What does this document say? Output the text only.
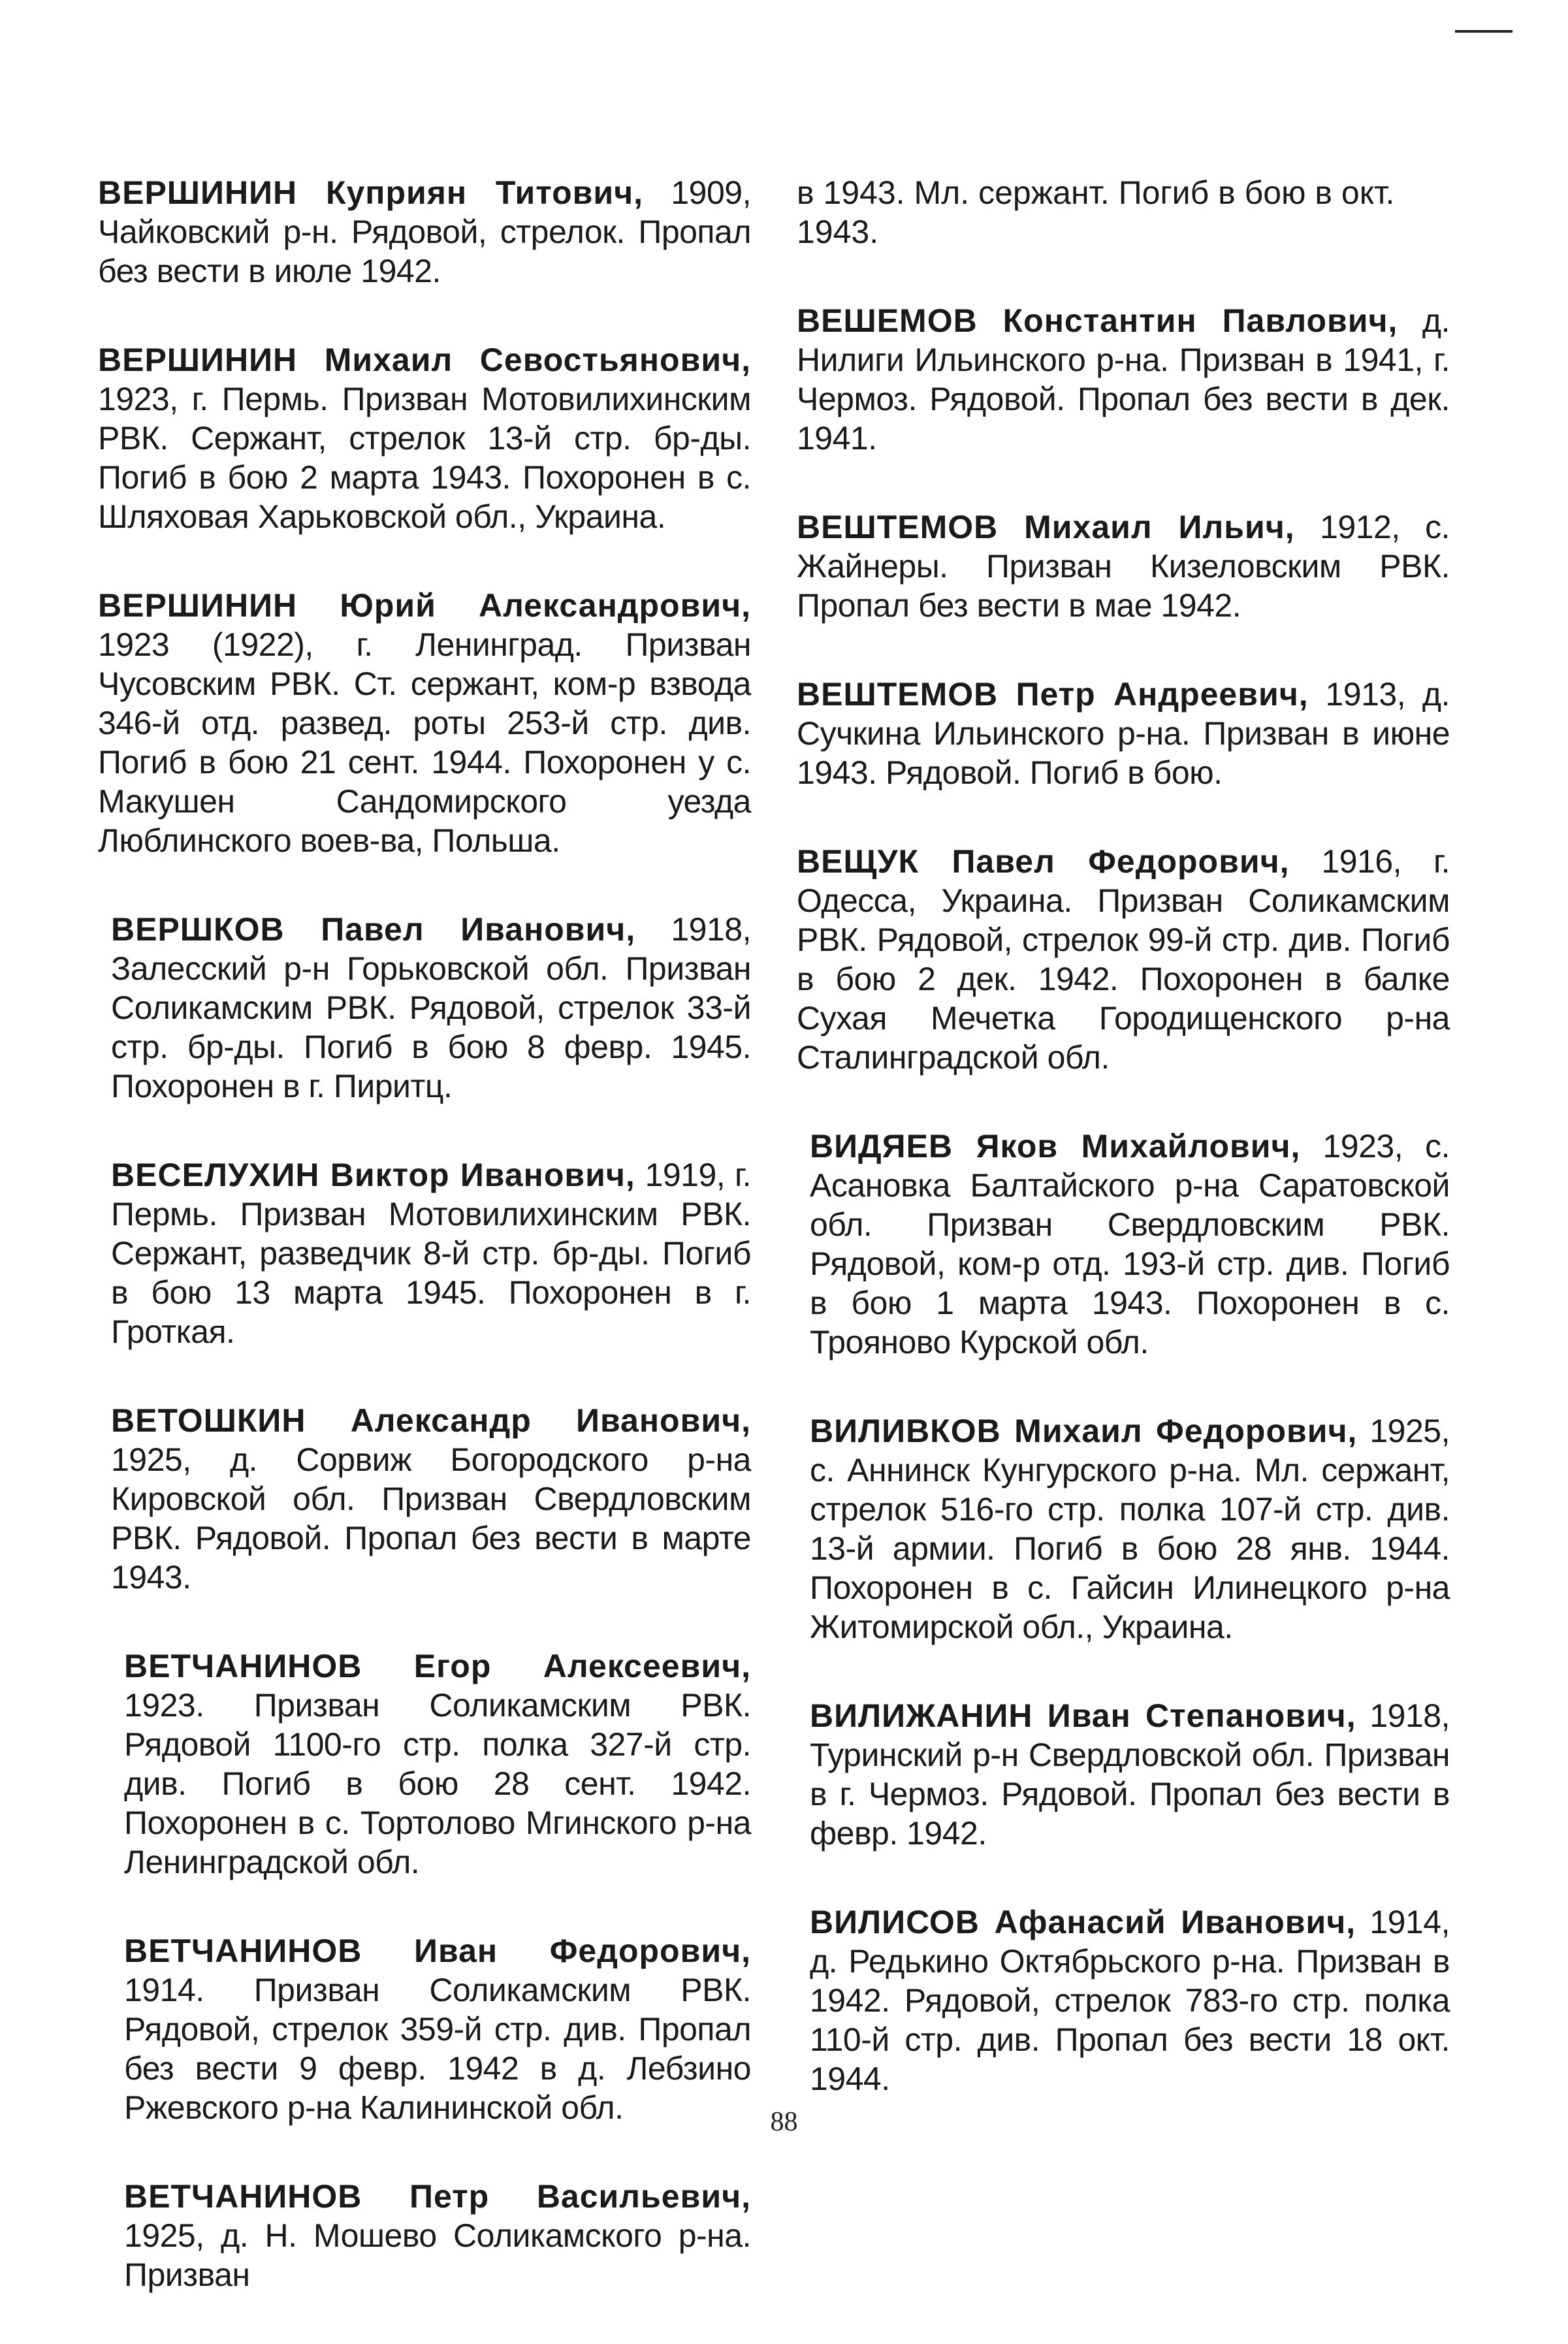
ВЕРШИНИН Куприян Титович, 1909, Чайковский р-н. Рядовой, стрелок. Пропал без вести в июле 1942.

ВЕРШИНИН Михаил Севостьянович, 1923, г. Пермь. Призван Мотовилихинским РВК. Сержант, стрелок 13-й стр. бр-ды. Погиб в бою 2 марта 1943. Похоронен в с. Шляховая Харьковской обл., Украина.

ВЕРШИНИН Юрий Александрович, 1923 (1922), г. Ленинград. Призван Чусовским РВК. Ст. сержант, ком-р взвода 346-й отд. развед. роты 253-й стр. див. Погиб в бою 21 сент. 1944. Похоронен у с. Макушен Сандомирского уезда Люблинского воев-ва, Польша.

ВЕРШКОВ Павел Иванович, 1918, Залесский р-н Горьковской обл. Призван Соликамским РВК. Рядовой, стрелок 33-й стр. бр-ды. Погиб в бою 8 февр. 1945. Похоронен в г. Пиритц.

ВЕСЕЛУХИН Виктор Иванович, 1919, г. Пермь. Призван Мотовилихинским РВК. Сержант, разведчик 8-й стр. бр-ды. Погиб в бою 13 марта 1945. Похоронен в г. Гроткая.

ВЕТОШКИН Александр Иванович, 1925, д. Сорвиж Богородского р-на Кировской обл. Призван Свердловским РВК. Рядовой. Пропал без вести в марте 1943.

ВЕТЧАНИНОВ Егор Алексеевич, 1923. Призван Соликамским РВК. Рядовой 1100-го стр. полка 327-й стр. див. Погиб в бою 28 сент. 1942. Похоронен в с. Тортолово Мгинского р-на Ленинградской обл.

ВЕТЧАНИНОВ Иван Федорович, 1914. Призван Соликамским РВК. Рядовой, стрелок 359-й стр. див. Пропал без вести 9 февр. 1942 в д. Лебзино Ржевского р-на Калининской обл.

ВЕТЧАНИНОВ Петр Васильевич, 1925, д. Н. Мошево Соликамского р-на. Призван

в 1943. Мл. сержант. Погиб в бою в окт. 1943.

ВЕШЕМОВ Константин Павлович, д. Нилиги Ильинского р-на. Призван в 1941, г. Чермоз. Рядовой. Пропал без вести в дек. 1941.

ВЕШТЕМОВ Михаил Ильич, 1912, с. Жайнеры. Призван Кизеловским РВК. Пропал без вести в мае 1942.

ВЕШТЕМОВ Петр Андреевич, 1913, д. Сучкина Ильинского р-на. Призван в июне 1943. Рядовой. Погиб в бою.

ВЕЩУК Павел Федорович, 1916, г. Одесса, Украина. Призван Соликамским РВК. Рядовой, стрелок 99-й стр. див. Погиб в бою 2 дек. 1942. Похоронен в балке Сухая Мечетка Городищенского р-на Сталинградской обл.

ВИДЯЕВ Яков Михайлович, 1923, с. Асановка Балтайского р-на Саратовской обл. Призван Свердловским РВК. Рядовой, ком-р отд. 193-й стр. див. Погиб в бою 1 марта 1943. Похоронен в с. Трояново Курской обл.

ВИЛИВКОВ Михаил Федорович, 1925, с. Аннинск Кунгурского р-на. Мл. сержант, стрелок 516-го стр. полка 107-й стр. див. 13-й армии. Погиб в бою 28 янв. 1944. Похоронен в с. Гайсин Илинецкого р-на Житомирской обл., Украина.

ВИЛИЖАНИН Иван Степанович, 1918, Туринский р-н Свердловской обл. Призван в г. Чермоз. Рядовой. Пропал без вести в февр. 1942.

ВИЛИСОВ Афанасий Иванович, 1914, д. Редькино Октябрьского р-на. Призван в 1942. Рядовой, стрелок 783-го стр. полка 110-й стр. див. Пропал без вести 18 окт. 1944.

88
